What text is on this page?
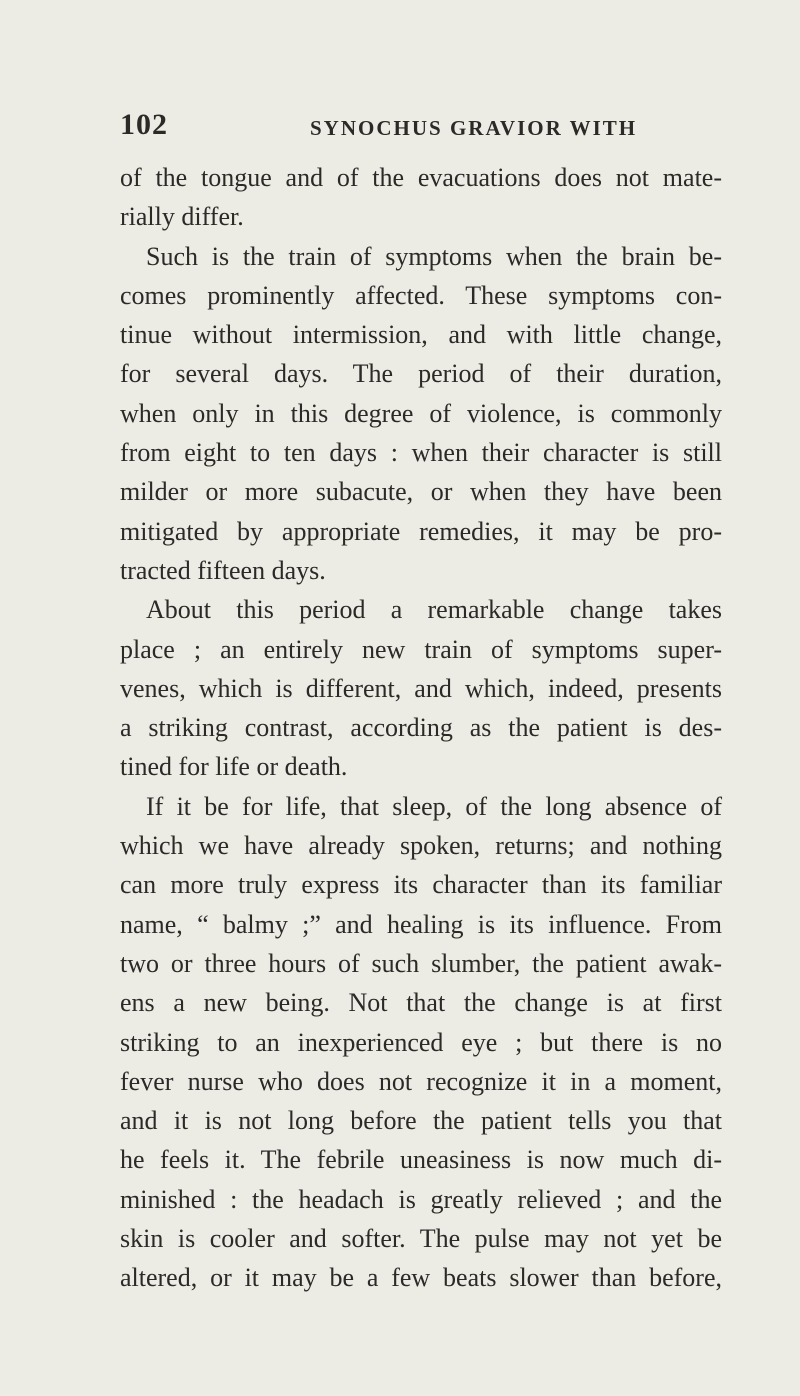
102	SYNOCHUS GRAVIOR WITH
of the tongue and of the evacuations does not mate-
rially differ.
Such is the train of symptoms when the brain be-
comes prominently affected. These symptoms con-
tinue without intermission, and with little change,
for several days. The period of their duration,
when only in this degree of violence, is commonly
from eight to ten days : when their character is still
milder or more subacute, or when they have been
mitigated by appropriate remedies, it may be pro-
tracted fifteen days.
About this period a remarkable change takes
place ; an entirely new train of symptoms super-
venes, which is different, and which, indeed, presents
a striking contrast, according as the patient is des-
tined for life or death.
If it be for life, that sleep, of the long absence of
which we have already spoken, returns; and nothing
can more truly express its character than its familiar
name, “ balmy ;” and healing is its influence. From
two or three hours of such slumber, the patient awak-
ens a new being. Not that the change is at first
striking to an inexperienced eye ; but there is no
fever nurse who does not recognize it in a moment,
and it is not long before the patient tells you that
he feels it. The febrile uneasiness is now much di-
minished : the headach is greatly relieved ; and the
skin is cooler and softer. The pulse may not yet be
altered, or it may be a few beats slower than before,
